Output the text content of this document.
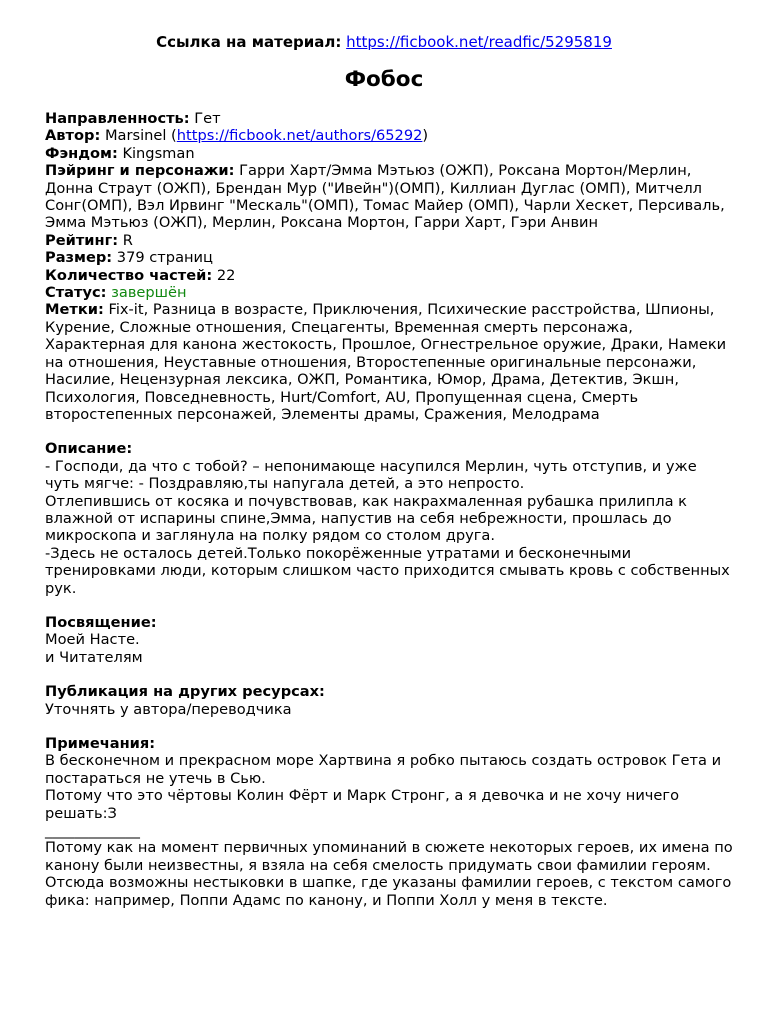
Ссылка на материал: https://ficbook.net/readfic/5295819
Фобос
Направленность: Гет
Автор: Marsinel (https://ficbook.net/authors/65292)
Фэндом: Kingsman
Пэйринг и персонажи: Гарри Харт/Эмма Мэтьюз (ОЖП), Роксана Мортон/Мерлин, Донна Страут (ОЖП), Брендан Мур ("Ивейн")(ОМП), Киллиан Дуглас (ОМП), Митчелл Сонг(ОМП), Вэл Ирвинг "Мескаль"(ОМП), Томас Майер (ОМП), Чарли Хескет, Персиваль, Эмма Мэтьюз (ОЖП), Мерлин, Роксана Мортон, Гарри Харт, Гэри Анвин
Рейтинг: R
Размер: 379 страниц
Количество частей: 22
Статус: завершён
Метки: Fix-it, Разница в возрасте, Приключения, Психические расстройства, Шпионы, Курение, Сложные отношения, Спецагенты, Временная смерть персонажа, Характерная для канона жестокость, Прошлое, Огнестрельное оружие, Драки, Намеки на отношения, Неуставные отношения, Второстепенные оригинальные персонажи, Насилие, Нецензурная лексика, ОЖП, Романтика, Юмор, Драма, Детектив, Экшн, Психология, Повседневность, Hurt/Comfort, AU, Пропущенная сцена, Смерть второстепенных персонажей, Элементы драмы, Сражения, Мелодрама
Описание:
- Господи, да что с тобой? – непонимающе насупился Мерлин, чуть отступив, и уже чуть мягче: - Поздравляю,ты напугала детей, а это непросто.
Отлепившись от косяка и почувствовав, как накрахмаленная рубашка прилипла к влажной от испарины спине,Эмма, напустив на себя небрежности, прошлась до микроскопа и заглянула на полку рядом со столом друга.
-Здесь не осталось детей.Только покорёженные утратами и бесконечными тренировками люди, которым слишком часто приходится смывать кровь с собственных рук.
Посвящение:
Моей Насте.
и Читателям
Публикация на других ресурсах:
Уточнять у автора/переводчика
Примечания:
В бесконечном и прекрасном море Хартвина я робко пытаюсь создать островок Гета и постараться не утечь в Сью.
Потому что это чёртовы Колин Фёрт и Марк Стронг, а я девочка и не хочу ничего решать:З
_____________
Потому как на момент первичных упоминаний в сюжете некоторых героев, их имена по канону были неизвестны, я взяла на себя смелость придумать свои фамилии героям. Отсюда возможны нестыковки в шапке, где указаны фамилии героев, с текстом самого фика: например, Поппи Адамс по канону, и Поппи Холл у меня в тексте.
